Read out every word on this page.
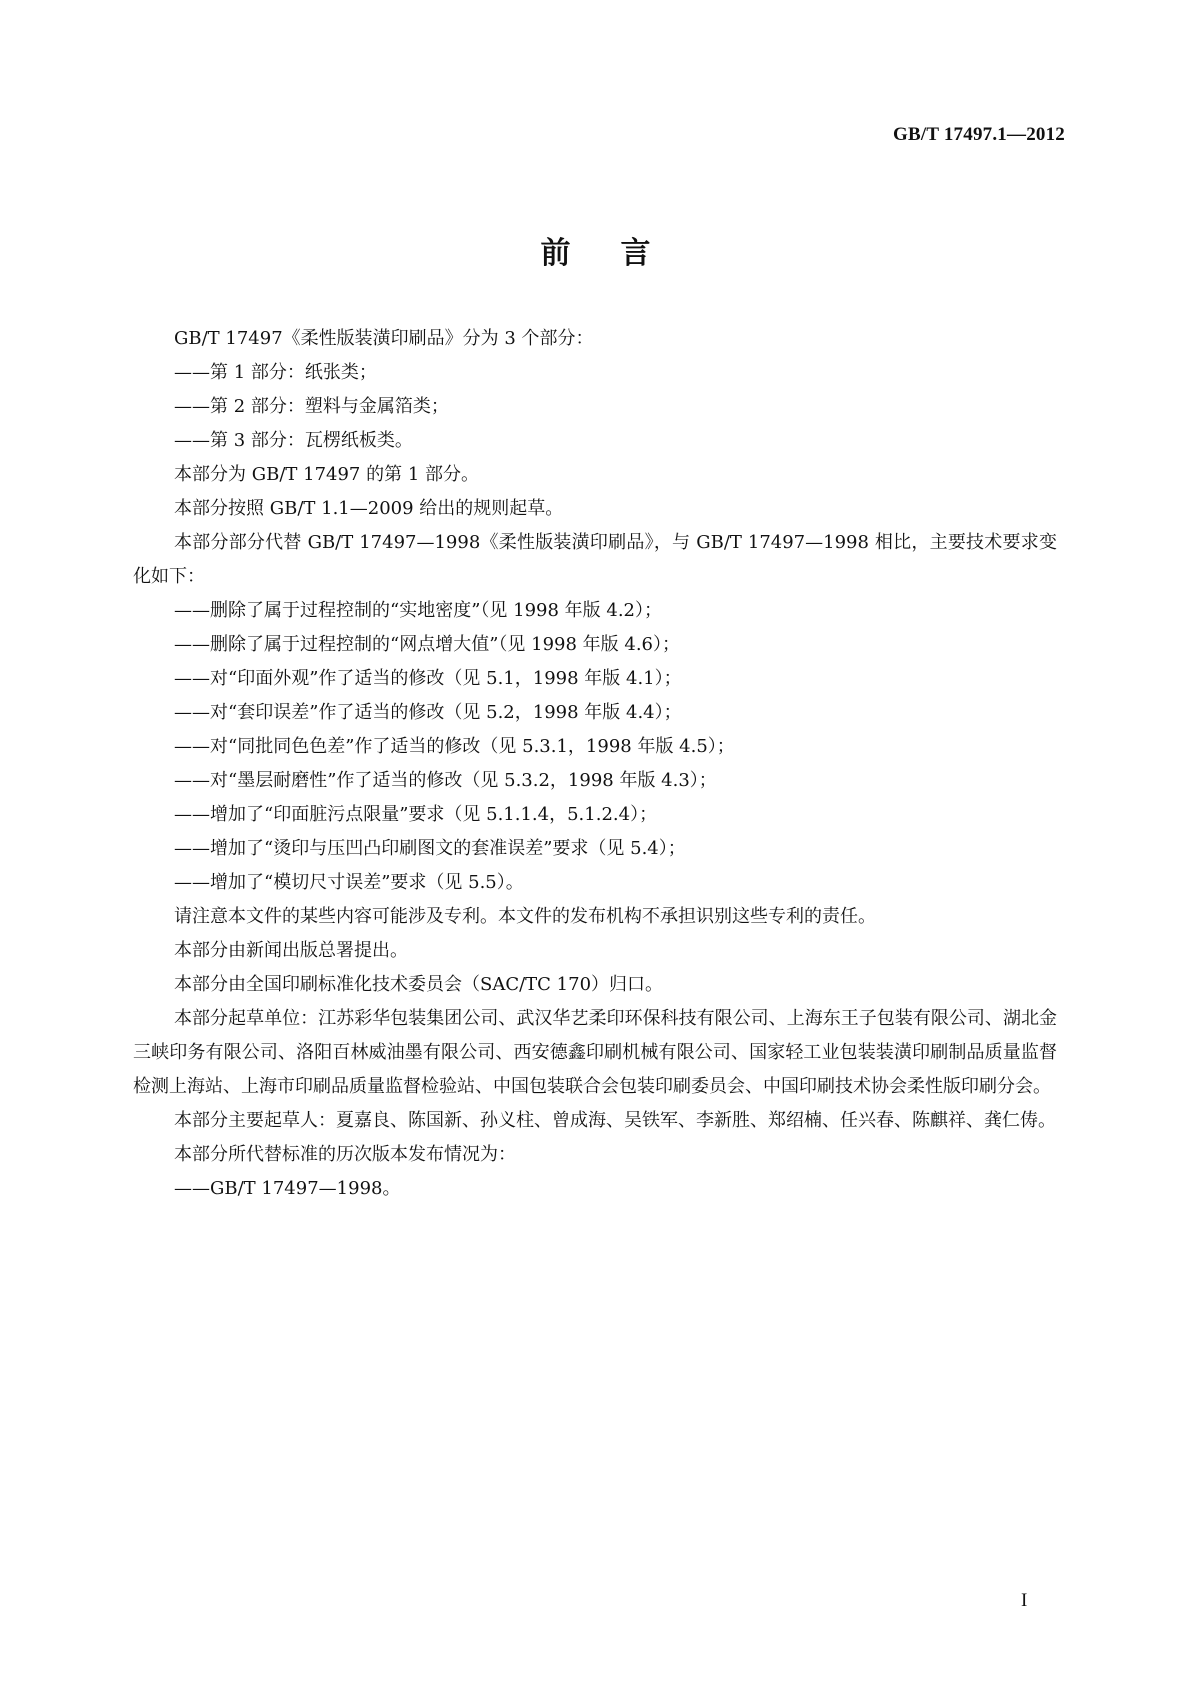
GB/T 17497.1—2012
前言

GB/T 17497《柔性版装潢印刷品》分为 3 个部分：

——第 1 部分：纸张类；

——第 2 部分：塑料与金属箔类；

——第 3 部分：瓦楞纸板类。

本部分为 GB/T 17497 的第 1 部分。

本部分按照 GB/T 1.1—2009 给出的规则起草。

本部分部分代替 GB/T 17497—1998《柔性版装潢印刷品》，与 GB/T 17497—1998 相比，主要技术要求变化如下：

——删除了属于过程控制的“实地密度”（见 1998 年版 4.2）；

——删除了属于过程控制的“网点增大值”（见 1998 年版 4.6）；

——对“印面外观”作了适当的修改（见 5.1，1998 年版 4.1）；

——对“套印误差”作了适当的修改（见 5.2，1998 年版 4.4）；

——对“同批同色色差”作了适当的修改（见 5.3.1，1998 年版 4.5）；

——对“墨层耐磨性”作了适当的修改（见 5.3.2，1998 年版 4.3）；

——增加了“印面脏污点限量”要求（见 5.1.1.4，5.1.2.4）；

——增加了“烫印与压凹凸印刷图文的套准误差”要求（见 5.4）；

——增加了“模切尺寸误差”要求（见 5.5）。

请注意本文件的某些内容可能涉及专利。本文件的发布机构不承担识别这些专利的责任。

本部分由新闻出版总署提出。

本部分由全国印刷标准化技术委员会（SAC/TC 170）归口。

本部分起草单位：江苏彩华包装集团公司、武汉华艺柔印环保科技有限公司、上海东王子包装有限公司、湖北金三峡印务有限公司、洛阳百林威油墨有限公司、西安德鑫印刷机械有限公司、国家轻工业包装装潢印刷制品质量监督检测上海站、上海市印刷品质量监督检验站、中国包装联合会包装印刷委员会、中国印刷技术协会柔性版印刷分会。

本部分主要起草人：夏嘉良、陈国新、孙义柱、曾成海、吴铁军、李新胜、郑绍楠、任兴春、陈麒祥、龚仁俦。

本部分所代替标准的历次版本发布情况为：

——GB/T 17497—1998。

I
